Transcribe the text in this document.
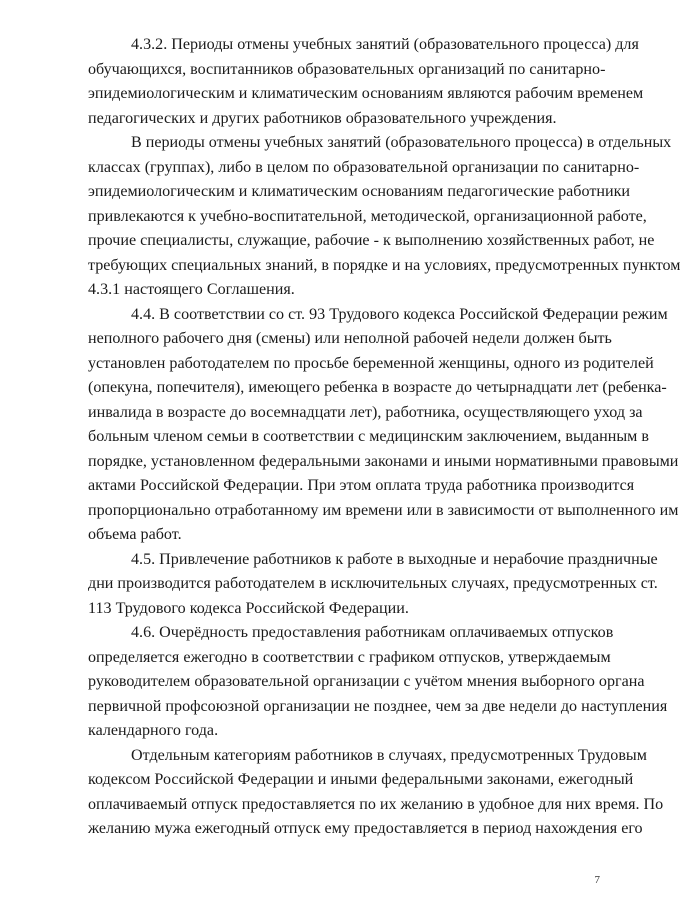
4.3.2. Периоды отмены учебных занятий (образовательного процесса) для
обучающихся, воспитанников образовательных организаций по санитарно-
эпидемиологическим и климатическим основаниям являются рабочим временем
педагогических и других работников образовательного учреждения.
В периоды отмены учебных занятий (образовательного процесса) в отдельных
классах (группах), либо в целом по образовательной организации по санитарно-
эпидемиологическим и климатическим основаниям педагогические работники
привлекаются к учебно-воспитательной, методической, организационной работе,
прочие специалисты, служащие, рабочие - к выполнению хозяйственных работ, не
требующих специальных знаний, в порядке и на условиях, предусмотренных пунктом
4.3.1 настоящего Соглашения.
4.4. В соответствии со ст. 93 Трудового кодекса Российской Федерации режим
неполного рабочего дня (смены) или неполной рабочей недели должен быть
установлен работодателем по просьбе беременной женщины, одного из родителей
(опекуна, попечителя), имеющего ребенка в возрасте до четырнадцати лет (ребенка-
инвалида в возрасте до восемнадцати лет), работника, осуществляющего уход за
больным членом семьи в соответствии с медицинским заключением, выданным в
порядке, установленном федеральными законами и иными нормативными правовыми
актами Российской Федерации. При этом оплата труда работника производится
пропорционально отработанному им времени или в зависимости от выполненного им
объема работ.
4.5. Привлечение работников к работе в выходные и нерабочие праздничные
дни производится работодателем в исключительных случаях, предусмотренных ст.
113 Трудового кодекса Российской Федерации.
4.6. Очерёдность предоставления работникам оплачиваемых отпусков
определяется ежегодно в соответствии с графиком отпусков, утверждаемым
руководителем образовательной организации с учётом мнения выборного органа
первичной профсоюзной организации не позднее, чем за две недели до наступления
календарного года.
Отдельным категориям работников в случаях, предусмотренных Трудовым
кодексом Российской Федерации и иными федеральными законами, ежегодный
оплачиваемый отпуск предоставляется по их желанию в удобное для них время. По
желанию мужа ежегодный отпуск ему предоставляется в период нахождения его
7
